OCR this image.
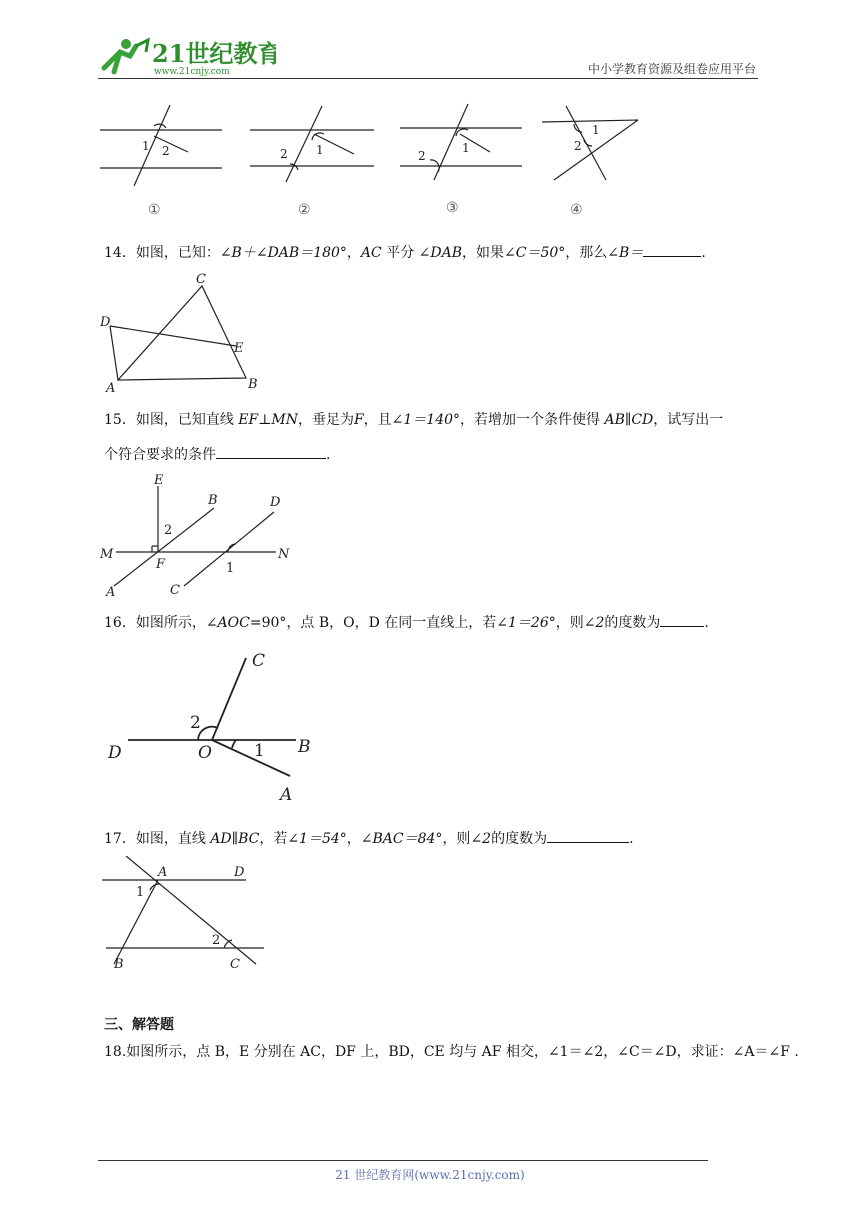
21世纪教育
www.21cnjy.com	中小学教育资源及组卷应用平台
1 2	1
2	1
2
1
2
①	②	③	④
14．如图，已知：∠B＋∠DAB＝180°，AC 平分 ∠DAB，如果∠C＝50°，那么∠B＝	.
C
D
E
A	B
15．如图，已知直线 EF⊥MN，垂足为F，且∠1＝140°，若增加一个条件使得 AB∥CD，试写出一
个符合要求的条件	.
E
B	D
2
M
F
N
1
A	C
16．如图所示，∠AOC=90°，点 B，O，D 在同一直线上，若∠1＝26°，则∠2的度数为	.
C
2
D	O 1 B
A
17．如图，直线 AD∥BC，若∠1＝54°，∠BAC＝84°，则∠2的度数为	.
A	D
1
2
B	C
三、解答题
18.如图所示，点 B，E 分别在 AC，DF 上，BD，CE 均与 AF 相交，∠1＝∠2，∠C＝∠D，求证：∠A＝∠F .
21 世纪教育网(www.21cnjy.com)
